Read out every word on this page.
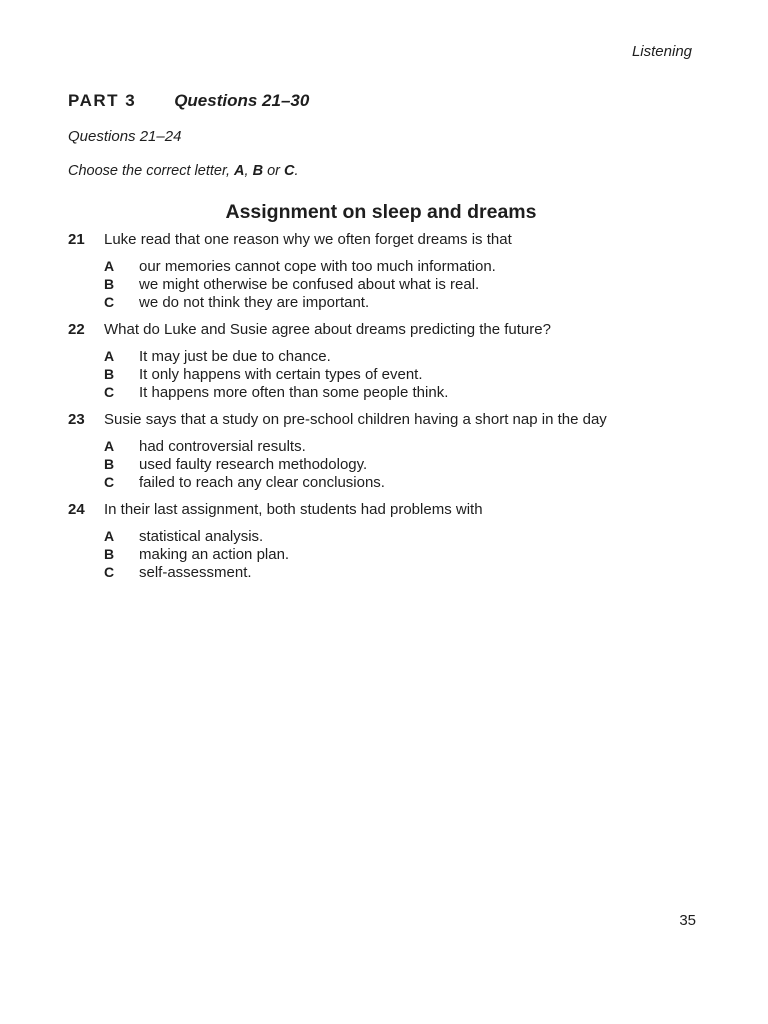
Listening
PART 3 Questions 21–30
Questions 21–24
Choose the correct letter, A, B or C.
Assignment on sleep and dreams
21 Luke read that one reason why we often forget dreams is that
A our memories cannot cope with too much information.
B we might otherwise be confused about what is real.
C we do not think they are important.
22 What do Luke and Susie agree about dreams predicting the future?
A It may just be due to chance.
B It only happens with certain types of event.
C It happens more often than some people think.
23 Susie says that a study on pre-school children having a short nap in the day
A had controversial results.
B used faulty research methodology.
C failed to reach any clear conclusions.
24 In their last assignment, both students had problems with
A statistical analysis.
B making an action plan.
C self-assessment.
35
